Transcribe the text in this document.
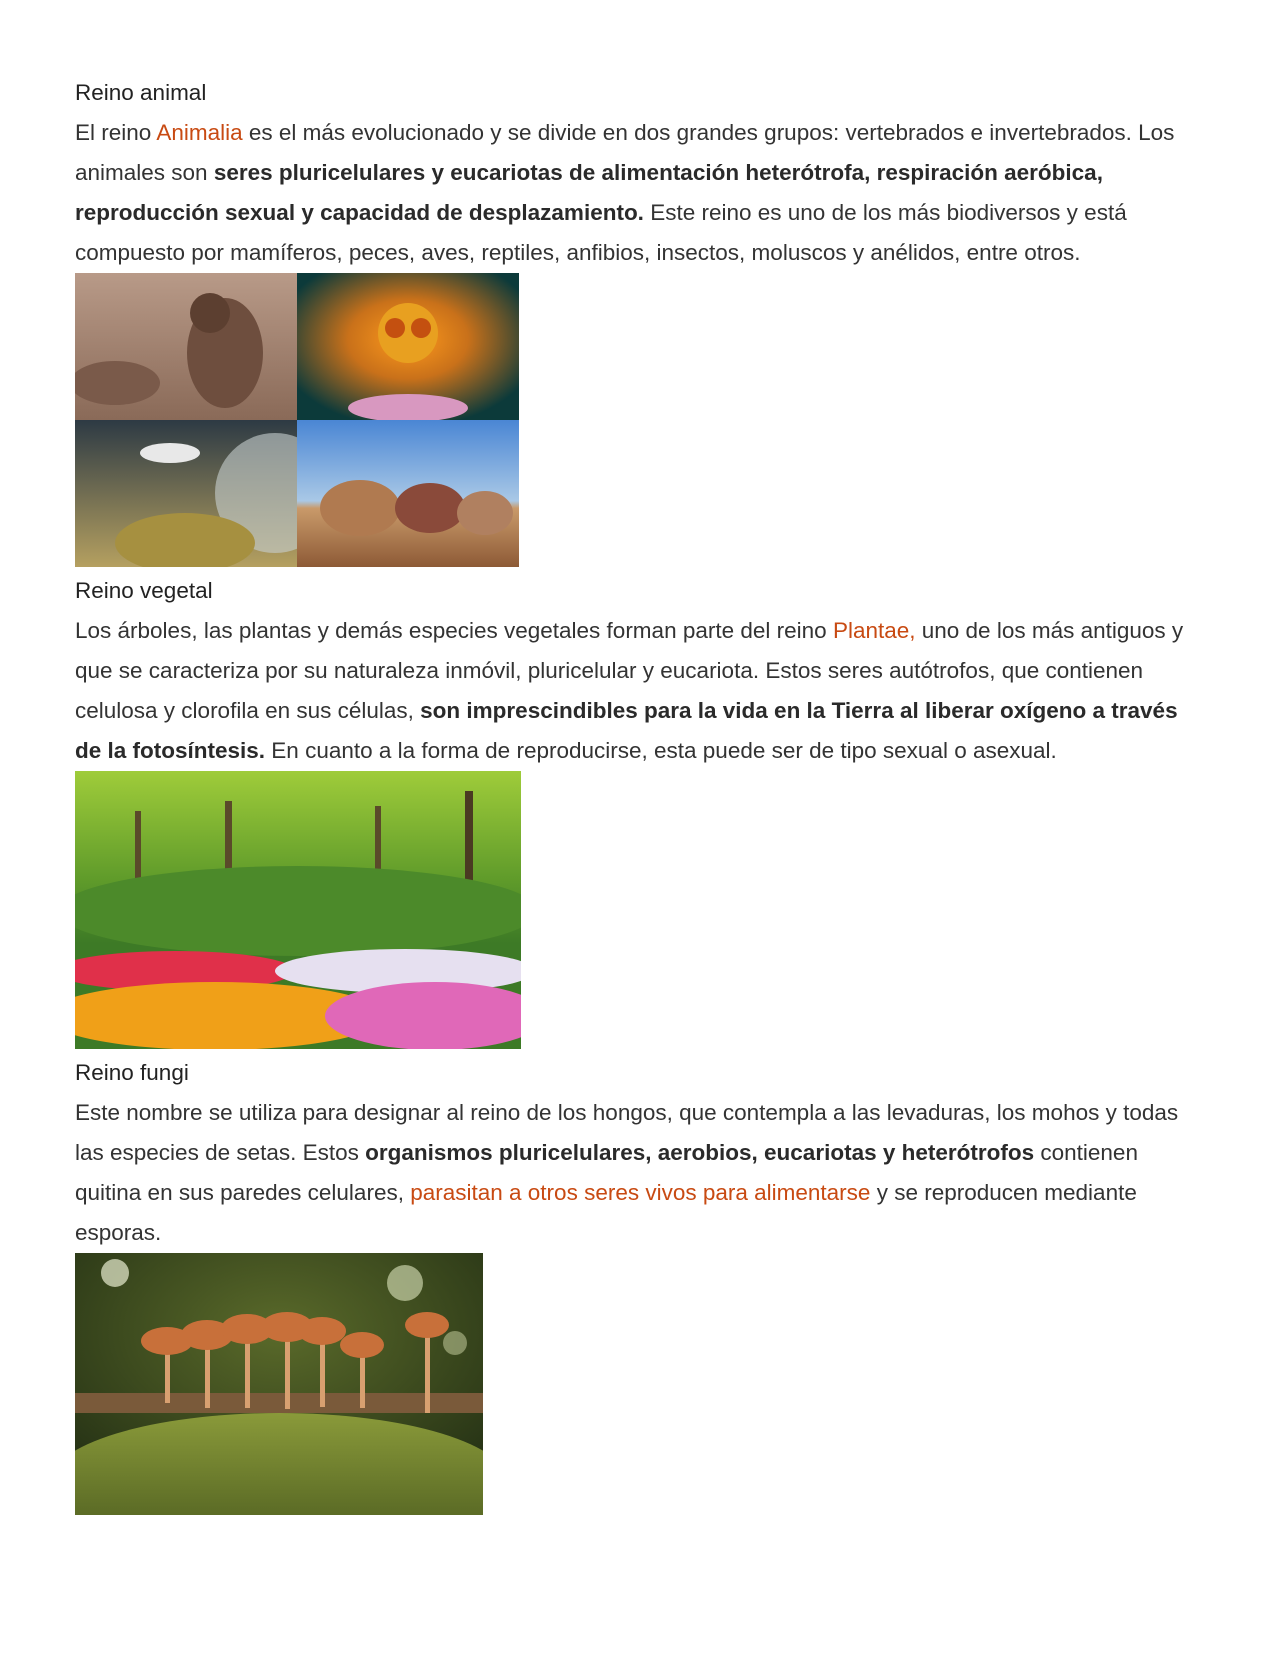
Reino animal

El reino Animalia es el más evolucionado y se divide en dos grandes grupos: vertebrados e invertebrados. Los animales son seres pluricelulares y eucariotas de alimentación heterótrofa, respiración aeróbica, reproducción sexual y capacidad de desplazamiento. Este reino es uno de los más biodiversos y está compuesto por mamíferos, peces, aves, reptiles, anfibios, insectos, moluscos y anélidos, entre otros.

Reino vegetal

Los árboles, las plantas y demás especies vegetales forman parte del reino Plantae, uno de los más antiguos y que se caracteriza por su naturaleza inmóvil, pluricelular y eucariota. Estos seres autótrofos, que contienen celulosa y clorofila en sus células, son imprescindibles para la vida en la Tierra al liberar oxígeno a través de la fotosíntesis. En cuanto a la forma de reproducirse, esta puede ser de tipo sexual o asexual.

Reino fungi

Este nombre se utiliza para designar al reino de los hongos, que contempla a las levaduras, los mohos y todas las especies de setas. Estos organismos pluricelulares, aerobios, eucariotas y heterótrofos contienen quitina en sus paredes celulares, parasitan a otros seres vivos para alimentarse y se reproducen mediante esporas.
